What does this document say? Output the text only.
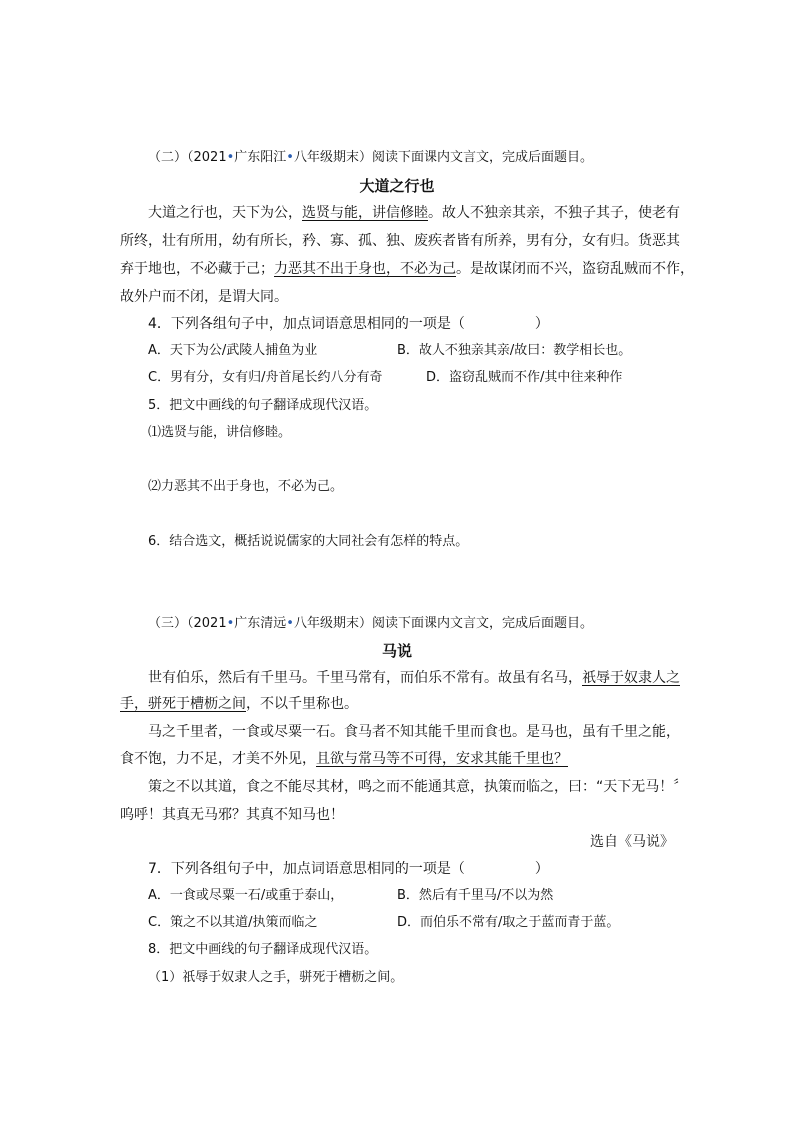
（二）（2021•广东阳江•八年级期末）阅读下面课内文言文，完成后面题目。
大道之行也
大道之行也，天下为公，选贤与能，讲信修睦。故人不独亲其亲，不独子其子，使老有
所终，壮有所用，幼有所长，矜、寡、孤、独、废疾者皆有所养，男有分，女有归。货恶其
弃于地也，不必藏于己；力恶其不出于身也，不必为己。是故谋闭而不兴，盗窃乱贼而不作，
故外户而不闭，是谓大同。
4．下列各组句子中，加点词语意思相同的一项是（	）
A．天下为公/武陵人捕鱼为业	B．故人不独亲其亲/故曰：教学相长也。
C．男有分，女有归/舟首尾长约八分有奇	D．盗窃乱贼而不作/其中往来种作
5．把文中画线的句子翻译成现代汉语。
⑴选贤与能，讲信修睦。
⑵力恶其不出于身也，不必为己。
6．结合选文，概括说说儒家的大同社会有怎样的特点。
（三）（2021•广东清远•八年级期末）阅读下面课内文言文，完成后面题目。
马说
世有伯乐，然后有千里马。千里马常有，而伯乐不常有。故虽有名马，祇辱于奴隶人之
手，骈死于槽枥之间，不以千里称也。
马之千里者，一食或尽粟一石。食马者不知其能千里而食也。是马也，虽有千里之能，
食不饱，力不足，才美不外见，且欲与常马等不可得，安求其能千里也？
策之不以其道，食之不能尽其材，鸣之而不能通其意，执策而临之，曰：“天下无马！〞
呜呼！其真无马邪？其真不知马也！
选自《马说》
7．下列各组句子中，加点词语意思相同的一项是（	）
A．一食或尽粟一石/或重于泰山，	B．然后有千里马/不以为然
C．策之不以其道/执策而临之	D．而伯乐不常有/取之于蓝而青于蓝。
8．把文中画线的句子翻译成现代汉语。
（1）祇辱于奴隶人之手，骈死于槽枥之间。
